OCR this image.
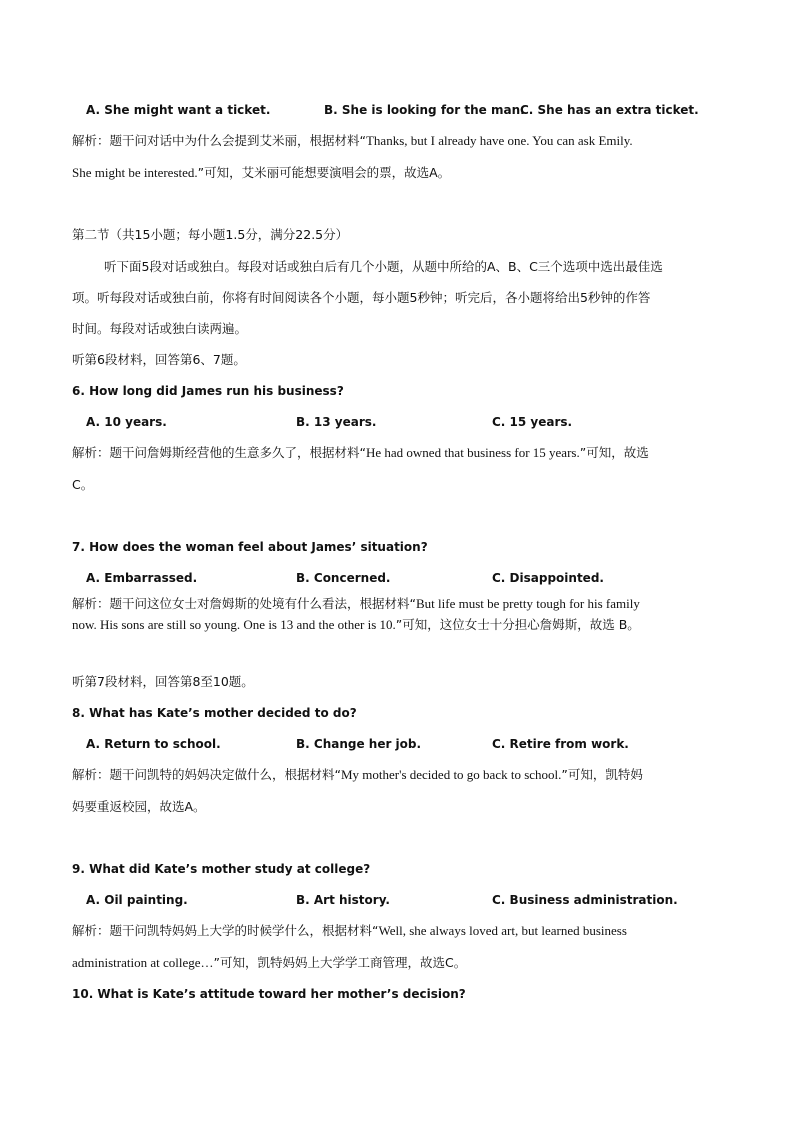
A. She might want a ticket.	B. She is looking for the man.
C. She has an extra ticket.
解析：题干问对话中为什么会提到艾米丽，根据材料“Thanks, but I already have one. You can ask Emily.
She might be interested.”可知，艾米丽可能想要演唱会的票，故选A。
第二节（共15小题；每小题1.5分，满分22.5分）
听下面5段对话或独白。每段对话或独白后有几个小题，从题中所给的A、B、C三个选项中选出最佳选
项。听每段对话或独白前，你将有时间阅读各个小题，每小题5秒钟；听完后，各小题将给出5秒钟的作答
时间。每段对话或独白读两遍。
听第6段材料，回答第6、7题。
6. How long did James run his business?
A. 10 years.	B. 13 years.	C. 15 years.
解析：题干问詹姆斯经营他的生意多久了，根据材料“He had owned that business for 15 years.”可知，故选
C。
7. How does the woman feel about James’ situation?
A. Embarrassed.	B. Concerned.	C. Disappointed.
解析：题干问这位女士对詹姆斯的处境有什么看法，根据材料“But life must be pretty tough for his family
now. His sons are still so young. One is 13 and the other is 10.”可知，这位女士十分担心詹姆斯，故选 B。
听第7段材料，回答第8至10题。
8. What has Kate’s mother decided to do?
A. Return to school.	B. Change her job.	C. Retire from work.
解析：题干问凯特的妈妈决定做什么，根据材料“My mother's decided to go back to school.”可知，凯特妈
妈要重返校园，故选A。
9. What did Kate’s mother study at college?
A. Oil painting.	B. Art history.	C. Business administration.
解析：题干问凯特妈妈上大学的时候学什么，根据材料“Well, she always loved art, but learned business
administration at college…”可知，凯特妈妈上大学学工商管理，故选C。
10. What is Kate’s attitude toward her mother’s decision?
